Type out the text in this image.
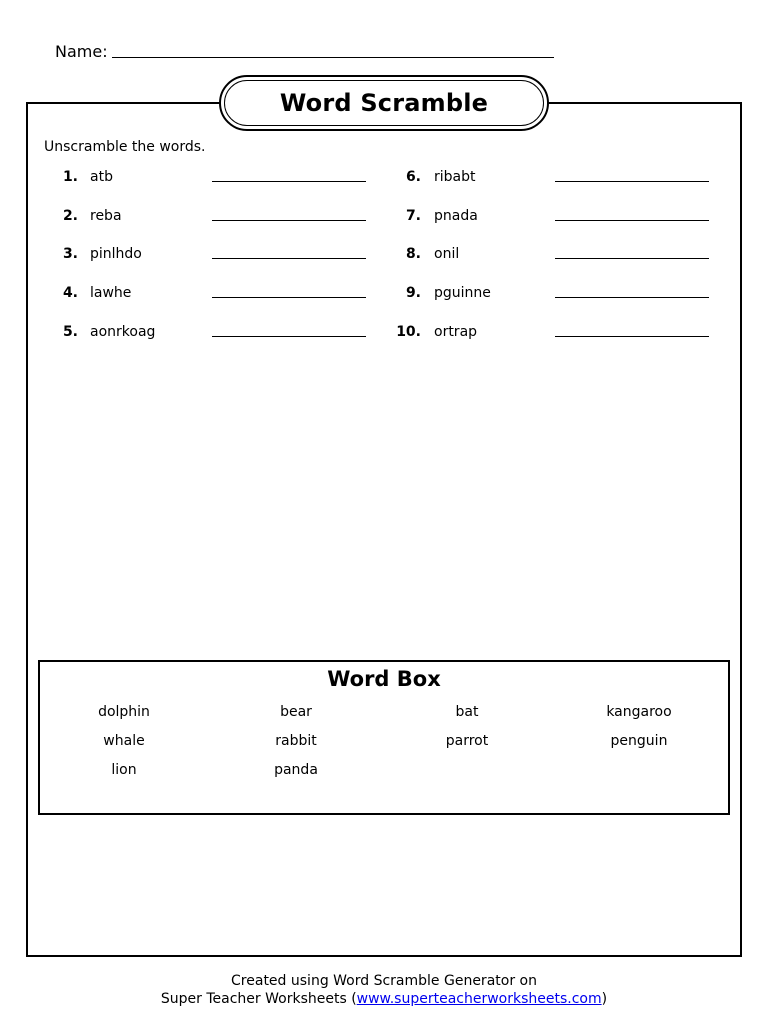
Name:
Word Scramble
Unscramble the words.
1. atb
2. reba
3. pinlhdo
4. lawhe
5. aonrkoag
6. ribabt
7. pnada
8. onil
9. pguinne
10. ortrap
Word Box
dolphin	bear	bat	kangaroo
whale	rabbit	parrot	penguin
lion	panda
Created using Word Scramble Generator on
Super Teacher Worksheets (www.superteacherworksheets.com)
